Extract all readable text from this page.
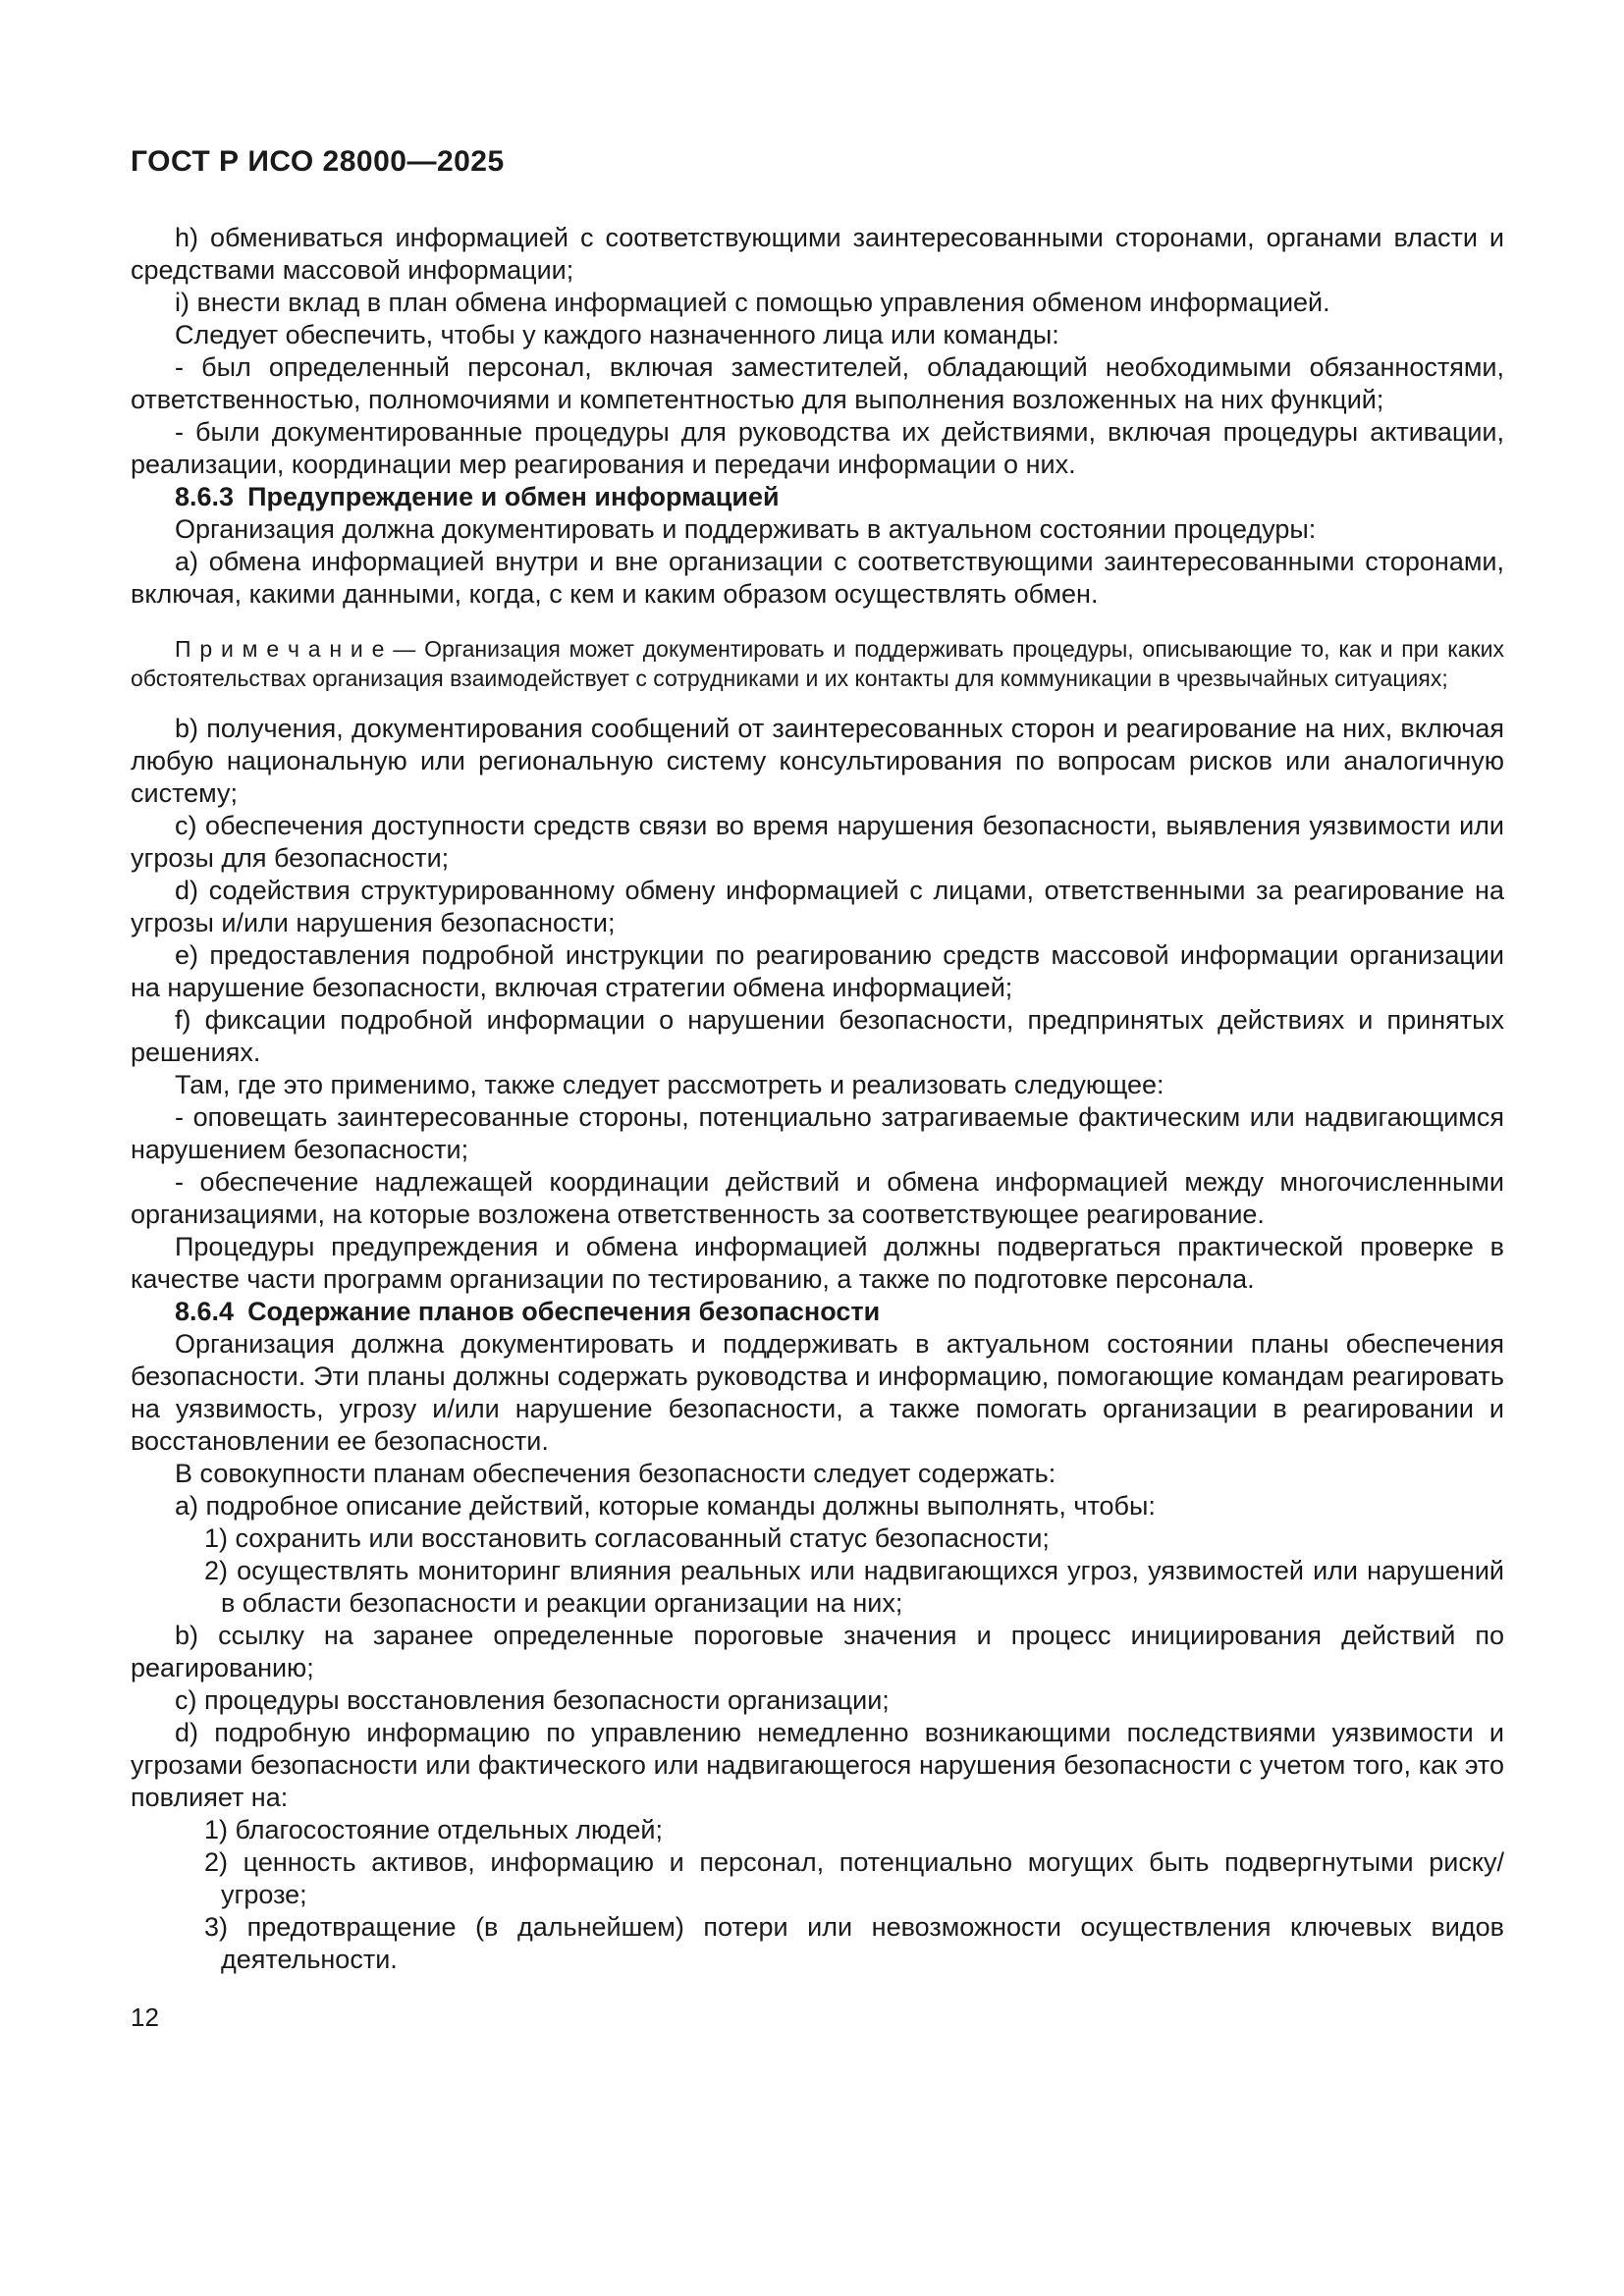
ГОСТ Р ИСО 28000—2025

h) обмениваться информацией с соответствующими заинтересованными сторонами, органами власти и средствами массовой информации;

i) внести вклад в план обмена информацией с помощью управления обменом информацией.

Следует обеспечить, чтобы у каждого назначенного лица или команды:

- был определенный персонал, включая заместителей, обладающий необходимыми обязанностями, ответственностью, полномочиями и компетентностью для выполнения возложенных на них функций;

- были документированные процедуры для руководства их действиями, включая процедуры активации, реализации, координации мер реагирования и передачи информации о них.

8.6.3 Предупреждение и обмен информацией

Организация должна документировать и поддерживать в актуальном состоянии процедуры:

a) обмена информацией внутри и вне организации с соответствующими заинтересованными сторонами, включая, какими данными, когда, с кем и каким образом осуществлять обмен.

П р и м е ч а н и е — Организация может документировать и поддерживать процедуры, описывающие то, как и при каких обстоятельствах организация взаимодействует с сотрудниками и их контакты для коммуникации в чрезвычайных ситуациях;

b) получения, документирования сообщений от заинтересованных сторон и реагирование на них, включая любую национальную или региональную систему консультирования по вопросам рисков или аналогичную систему;

c) обеспечения доступности средств связи во время нарушения безопасности, выявления уязвимости или угрозы для безопасности;

d) содействия структурированному обмену информацией с лицами, ответственными за реагирование на угрозы и/или нарушения безопасности;

e) предоставления подробной инструкции по реагированию средств массовой информации организации на нарушение безопасности, включая стратегии обмена информацией;

f) фиксации подробной информации о нарушении безопасности, предпринятых действиях и принятых решениях.

Там, где это применимо, также следует рассмотреть и реализовать следующее:

- оповещать заинтересованные стороны, потенциально затрагиваемые фактическим или надвигающимся нарушением безопасности;

- обеспечение надлежащей координации действий и обмена информацией между многочисленными организациями, на которые возложена ответственность за соответствующее реагирование.

Процедуры предупреждения и обмена информацией должны подвергаться практической проверке в качестве части программ организации по тестированию, а также по подготовке персонала.

8.6.4 Содержание планов обеспечения безопасности

Организация должна документировать и поддерживать в актуальном состоянии планы обеспечения безопасности. Эти планы должны содержать руководства и информацию, помогающие командам реагировать на уязвимость, угрозу и/или нарушение безопасности, а также помогать организации в реагировании и восстановлении ее безопасности.

В совокупности планам обеспечения безопасности следует содержать:

a) подробное описание действий, которые команды должны выполнять, чтобы:

1) сохранить или восстановить согласованный статус безопасности;

2) осуществлять мониторинг влияния реальных или надвигающихся угроз, уязвимостей или нарушений в области безопасности и реакции организации на них;

b) ссылку на заранее определенные пороговые значения и процесс инициирования действий по реагированию;

c) процедуры восстановления безопасности организации;

d) подробную информацию по управлению немедленно возникающими последствиями уязвимости и угрозами безопасности или фактического или надвигающегося нарушения безопасности с учетом того, как это повлияет на:

1) благосостояние отдельных людей;

2) ценность активов, информацию и персонал, потенциально могущих быть подвергнутыми риску/угрозе;

3) предотвращение (в дальнейшем) потери или невозможности осуществления ключевых видов деятельности.

12
